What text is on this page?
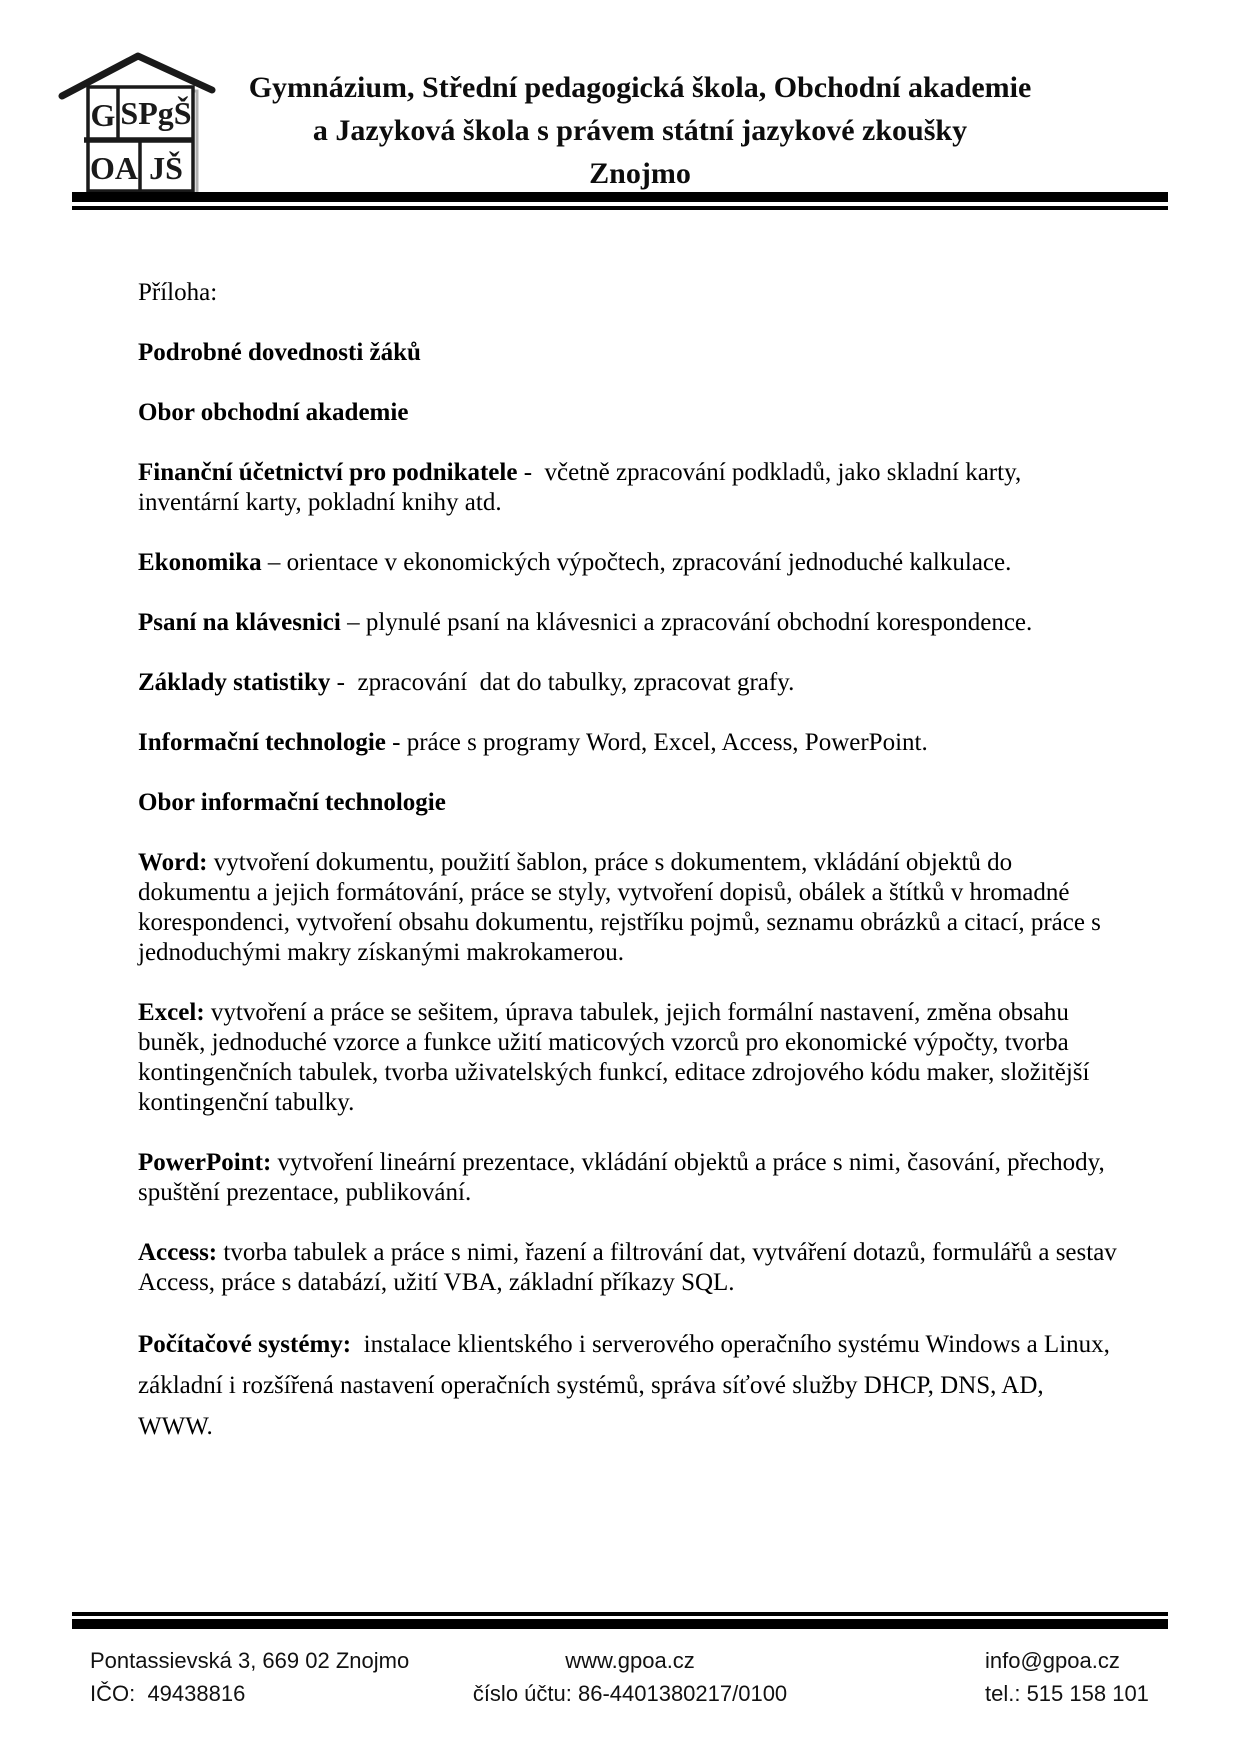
G SPgŠ
OA JŠ
Gymnázium, Střední pedagogická škola, Obchodní akademie
a Jazyková škola s právem státní jazykové zkoušky
Znojmo

Příloha:

Podrobné dovednosti žáků

Obor obchodní akademie

Finanční účetnictví pro podnikatele -  včetně zpracování podkladů, jako skladní karty, inventární karty, pokladní knihy atd.

Ekonomika – orientace v ekonomických výpočtech, zpracování jednoduché kalkulace.

Psaní na klávesnici – plynulé psaní na klávesnici a zpracování obchodní korespondence.

Základy statistiky -  zpracování  dat do tabulky, zpracovat grafy.

Informační technologie - práce s programy Word, Excel, Access, PowerPoint.

Obor informační technologie

Word: vytvoření dokumentu, použití šablon, práce s dokumentem, vkládání objektů do dokumentu a jejich formátování, práce se styly, vytvoření dopisů, obálek a štítků v hromadné korespondenci, vytvoření obsahu dokumentu, rejstříku pojmů, seznamu obrázků a citací, práce s jednoduchými makry získanými makrokamerou.

Excel: vytvoření a práce se sešitem, úprava tabulek, jejich formální nastavení, změna obsahu buněk, jednoduché vzorce a funkce užití maticových vzorců pro ekonomické výpočty, tvorba kontingenčních tabulek, tvorba uživatelských funkcí, editace zdrojového kódu maker, složitější kontingenční tabulky.

PowerPoint: vytvoření lineární prezentace, vkládání objektů a práce s nimi, časování, přechody, spuštění prezentace, publikování.

Access: tvorba tabulek a práce s nimi, řazení a filtrování dat, vytváření dotazů, formulářů a sestav Access, práce s databází, užití VBA, základní příkazy SQL.

Počítačové systémy:  instalace klientského i serverového operačního systému Windows a Linux, základní i rozšířená nastavení operačních systémů, správa síťové služby DHCP, DNS, AD, WWW.

Pontassievská 3, 669 02 Znojmo
IČO:  49438816
www.gpoa.cz
číslo účtu: 86-4401380217/0100
info@gpoa.cz
tel.: 515 158 101
